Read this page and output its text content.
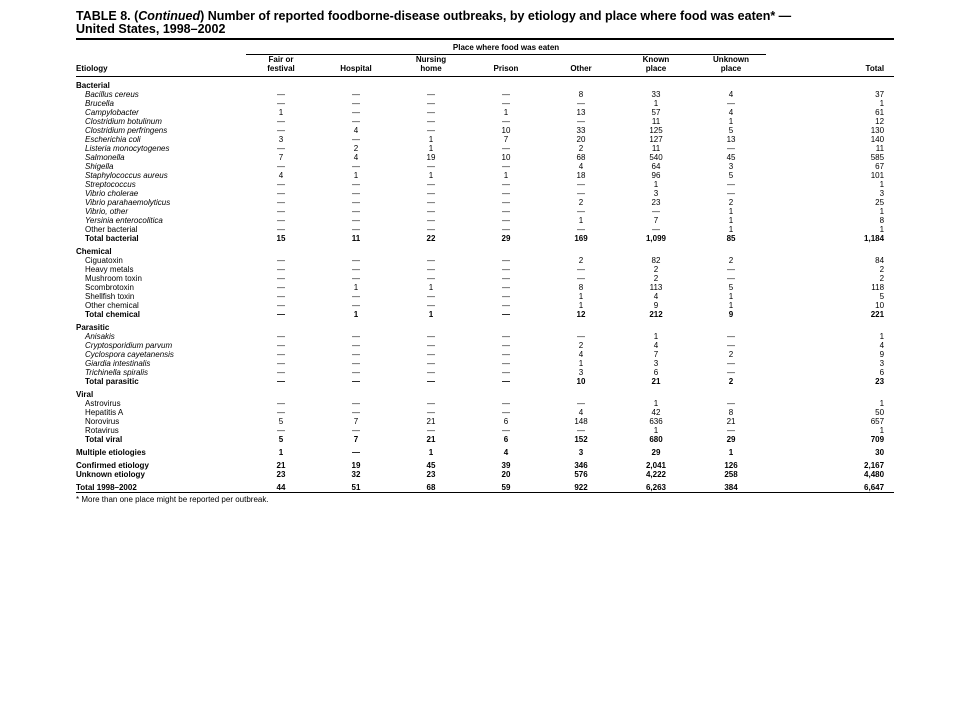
TABLE 8. (Continued) Number of reported foodborne-disease outbreaks, by etiology and place where food was eaten* —
United States, 1998–2002
	Place where food was eaten							
Etiology	Fair or		Nursing			Known	Unknown	
	festival	Hospital	home	Prison	Other	place	place	Total

Bacterial								
Bacillus cereus	—	—	—	—	8	33	4	37
Brucella	—	—	—	—	—	1	—	1
Campylobacter	1	—	—	1	13	57	4	61
Clostridium botulinum	—	—	—	—	—	11	1	12
Clostridium perfringens	—	4	—	10	33	125	5	130
Escherichia coli	3	—	1	7	20	127	13	140
Listeria monocytogenes	—	2	1	—	2	11	—	11
Salmonella	7	4	19	10	68	540	45	585
Shigella	—	—	—	—	4	64	3	67
Staphylococcus aureus	4	1	1	1	18	96	5	101
Streptococcus	—	—	—	—	—	1	—	1
Vibrio cholerae	—	—	—	—	—	3	—	3
Vibrio parahaemolyticus	—	—	—	—	2	23	2	25
Vibrio, other	—	—	—	—	—	—	1	1
Yersinia enterocolitica	—	—	—	—	1	7	1	8
Other bacterial	—	—	—	—	—	—	1	1
Total bacterial	15	11	22	29	169	1,099	85	1,184
Chemical								
Ciguatoxin	—	—	—	—	2	82	2	84
Heavy metals	—	—	—	—	—	2	—	2
Mushroom toxin	—	—	—	—	—	2	—	2
Scombrotoxin	—	1	1	—	8	113	5	118
Shellfish toxin	—	—	—	—	1	4	1	5
Other chemical	—	—	—	—	1	9	1	10
Total chemical	—	1	1	—	12	212	9	221
Parasitic								
Anisakis	—	—	—	—	—	1	—	1
Cryptosporidium parvum	—	—	—	—	2	4	—	4
Cyclospora cayetanensis	—	—	—	—	4	7	2	9
Giardia intestinalis	—	—	—	—	1	3	—	3
Trichinella spiralis	—	—	—	—	3	6	—	6
Total parasitic	—	—	—	—	10	21	2	23
Viral								
Astrovirus	—	—	—	—	—	1	—	1
Hepatitis A	—	—	—	—	4	42	8	50
Norovirus	5	7	21	6	148	636	21	657
Rotavirus	—	—	—	—	—	1	—	1
Total viral	5	7	21	6	152	680	29	709
Multiple etiologies	1	—	1	4	3	29	1	30
Confirmed etiology	21	19	45	39	346	2,041	126	2,167
Unknown etiology	23	32	23	20	576	4,222	258	4,480
Total 1998–2002	44	51	68	59	922	6,263	384	6,647
* More than one place might be reported per outbreak.
